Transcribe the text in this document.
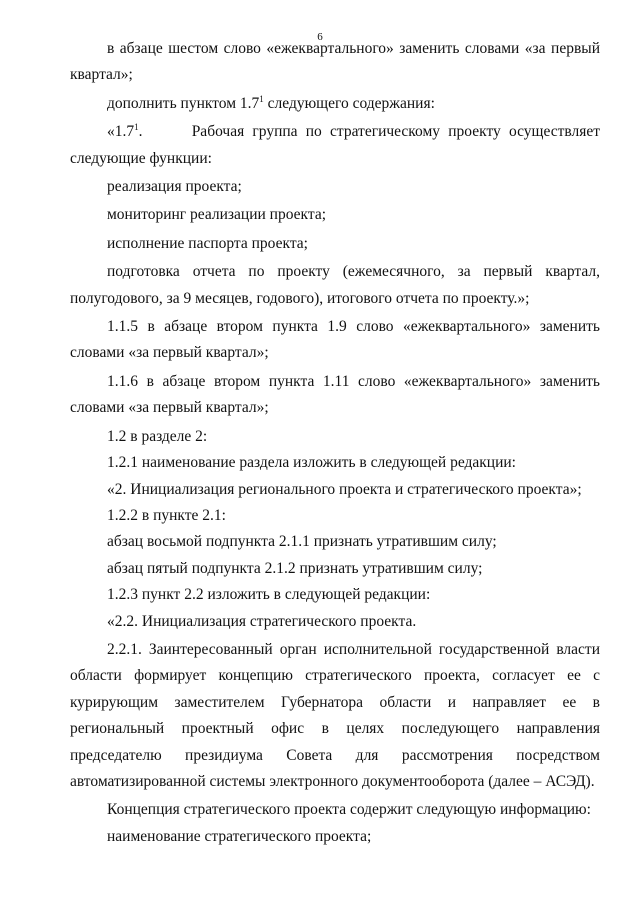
6

в абзаце шестом слово «ежеквартального» заменить словами «за первый квартал»;

дополнить пунктом $1.7^1$ следующего содержания:

«$1.7^1$.      Рабочая группа по стратегическому проекту осуществляет следующие функции:

реализация проекта;

мониторинг реализации проекта;

исполнение паспорта проекта;

подготовка отчета по проекту (ежемесячного, за первый квартал, полугодового, за 9 месяцев, годового), итогового отчета по проекту.»;

1.1.5 в абзаце втором пункта 1.9 слово «ежеквартального» заменить словами «за первый квартал»;

1.1.6 в абзаце втором пункта 1.11 слово «ежеквартального» заменить словами «за первый квартал»;

1.2 в разделе 2:

1.2.1 наименование раздела изложить в следующей редакции:

«2. Инициализация регионального проекта и стратегического проекта»;

1.2.2 в пункте 2.1:

абзац восьмой подпункта 2.1.1 признать утратившим силу;

абзац пятый подпункта 2.1.2 признать утратившим силу;

1.2.3 пункт 2.2 изложить в следующей редакции:

«2.2. Инициализация стратегического проекта.

2.2.1. Заинтересованный орган исполнительной государственной власти области формирует концепцию стратегического проекта, согласует ее с курирующим заместителем Губернатора области и направляет ее в региональный проектный офис в целях последующего направления председателю президиума Совета для рассмотрения посредством автоматизированной системы электронного документооборота (далее – АСЭД).

Концепция стратегического проекта содержит следующую информацию:

наименование стратегического проекта;
